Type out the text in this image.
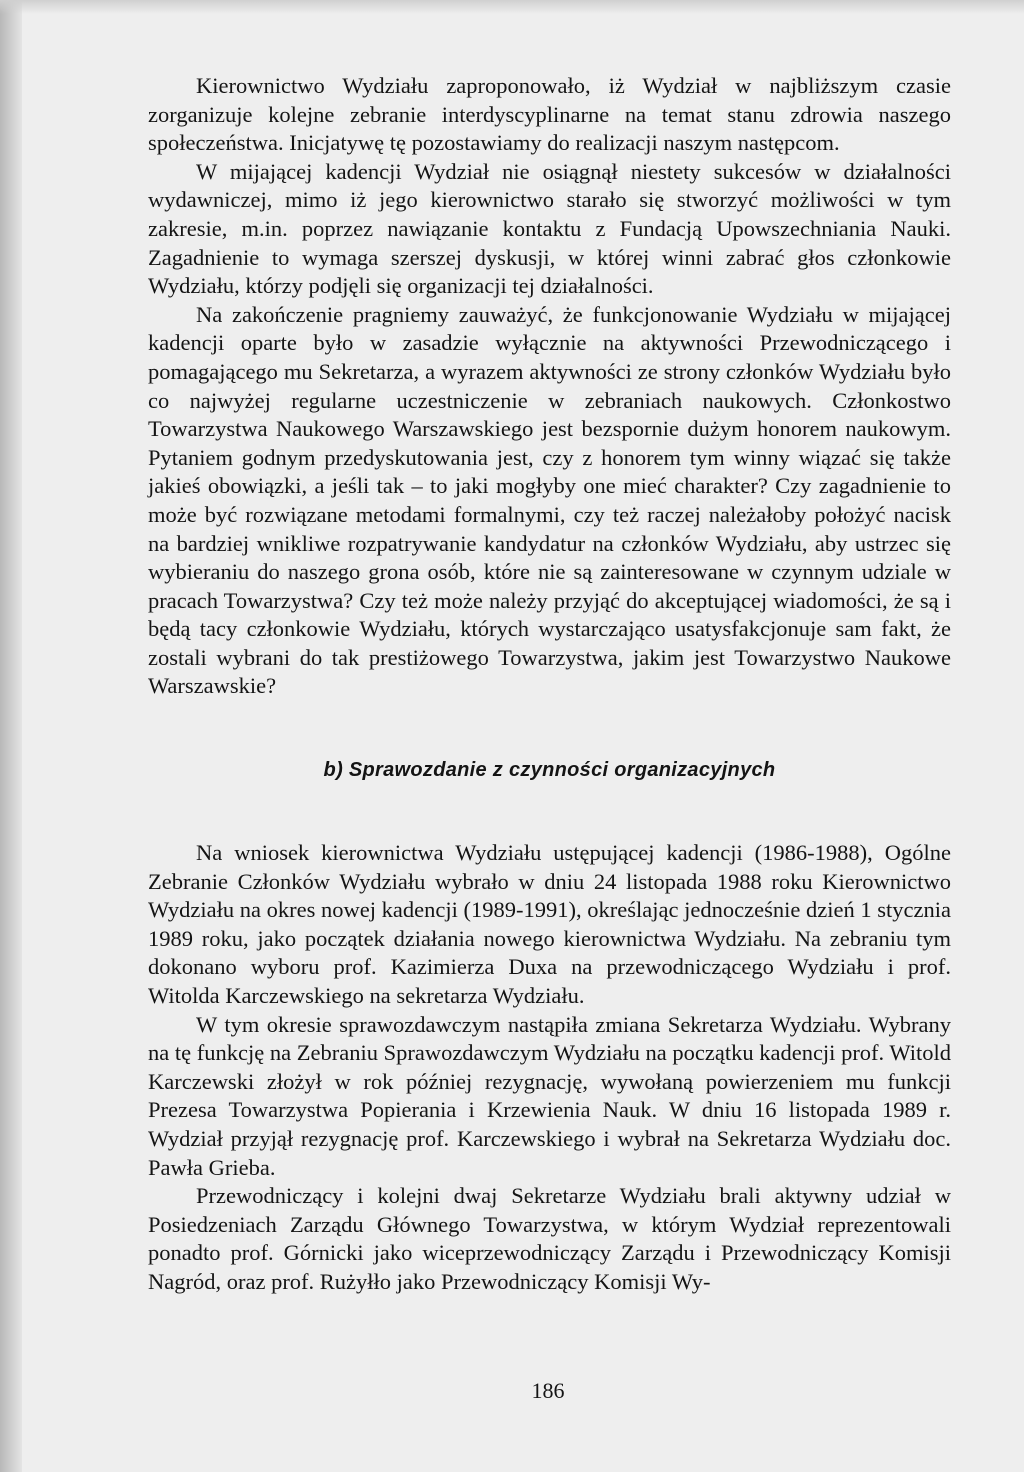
Kierownictwo Wydziału zaproponowało, iż Wydział w najbliższym czasie zorganizuje kolejne zebranie interdyscyplinarne na temat stanu zdrowia naszego społeczeństwa. Inicjatywę tę pozostawiamy do realizacji naszym następcom.

W mijającej kadencji Wydział nie osiągnął niestety sukcesów w działalności wydawniczej, mimo iż jego kierownictwo starało się stworzyć możliwości w tym zakresie, m.in. poprzez nawiązanie kontaktu z Fundacją Upowszechniania Nauki. Zagadnienie to wymaga szerszej dyskusji, w której winni zabrać głos członkowie Wydziału, którzy podjęli się organizacji tej działalności.

Na zakończenie pragniemy zauważyć, że funkcjonowanie Wydziału w mijającej kadencji oparte było w zasadzie wyłącznie na aktywności Przewodniczącego i pomagającego mu Sekretarza, a wyrazem aktywności ze strony członków Wydziału było co najwyżej regularne uczestniczenie w zebraniach naukowych. Członkostwo Towarzystwa Naukowego Warszawskiego jest bezspornie dużym honorem naukowym. Pytaniem godnym przedyskutowania jest, czy z honorem tym winny wiązać się także jakieś obowiązki, a jeśli tak – to jaki mogłyby one mieć charakter? Czy zagadnienie to może być rozwiązane metodami formalnymi, czy też raczej należałoby położyć nacisk na bardziej wnikliwe rozpatrywanie kandydatur na członków Wydziału, aby ustrzec się wybieraniu do naszego grona osób, które nie są zainteresowane w czynnym udziale w pracach Towarzystwa? Czy też może należy przyjąć do akceptującej wiadomości, że są i będą tacy członkowie Wydziału, których wystarczająco usatysfakcjonuje sam fakt, że zostali wybrani do tak prestiżowego Towarzystwa, jakim jest Towarzystwo Naukowe Warszawskie?

b) Sprawozdanie z czynności organizacyjnych

Na wniosek kierownictwa Wydziału ustępującej kadencji (1986-1988), Ogólne Zebranie Członków Wydziału wybrało w dniu 24 listopada 1988 roku Kierownictwo Wydziału na okres nowej kadencji (1989-1991), określając jednocześnie dzień 1 stycznia 1989 roku, jako początek działania nowego kierownictwa Wydziału. Na zebraniu tym dokonano wyboru prof. Kazimierza Duxa na przewodniczącego Wydziału i prof. Witolda Karczewskiego na sekretarza Wydziału.

W tym okresie sprawozdawczym nastąpiła zmiana Sekretarza Wydziału. Wybrany na tę funkcję na Zebraniu Sprawozdawczym Wydziału na początku kadencji prof. Witold Karczewski złożył w rok później rezygnację, wywołaną powierzeniem mu funkcji Prezesa Towarzystwa Popierania i Krzewienia Nauk. W dniu 16 listopada 1989 r. Wydział przyjął rezygnację prof. Karczewskiego i wybrał na Sekretarza Wydziału doc. Pawła Grieba.

Przewodniczący i kolejni dwaj Sekretarze Wydziału brali aktywny udział w Posiedzeniach Zarządu Głównego Towarzystwa, w którym Wydział reprezentowali ponadto prof. Górnicki jako wiceprzewodniczący Zarządu i Przewodniczący Komisji Nagród, oraz prof. Rużyłło jako Przewodniczący Komisji Wy-

186
